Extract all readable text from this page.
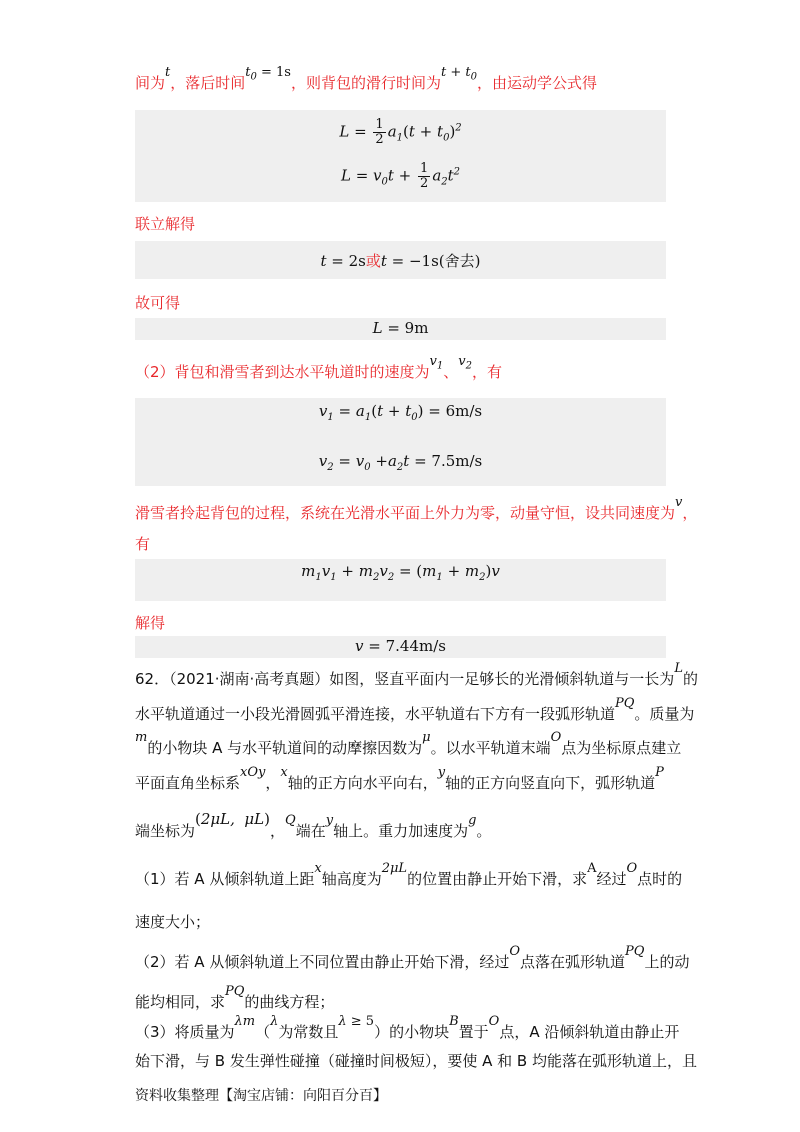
间为t，落后时间$t_0 = 1s$，则背包的滑行时间为$t + t_0$，由运动学公式得
$L = \frac{1}{2} a_1(t + t_0)^2$
$L = v_0t + \frac{1}{2} a_2t^2$
联立解得
t = 2s或t = −1s(舍去)
故可得
L = 9m
（2）背包和滑雪者到达水平轨道时的速度为$v_1$、$v_2$，有
$v_1 = a_1(t + t_0) = 6m/s$
$v_2 = v_0 +a_2t = 7.5m/s$
滑雪者拎起背包的过程，系统在光滑水平面上外力为零，动量守恒，设共同速度为v，
有
$m_1v_1 + m_2v_2 = (m_1 + m_2)v$
解得
v = 7.44m/s
62．（2021·湖南·高考真题）如图，竖直平面内一足够长的光滑倾斜轨道与一长为L的
水平轨道通过一小段光滑圆弧平滑连接，水平轨道右下方有一段弧形轨道PQ。质量为
m的小物块 A 与水平轨道间的动摩擦因数为μ。以水平轨道末端O点为坐标原点建立
平面直角坐标系xOy，x轴的正方向水平向右，y轴的正方向竖直向下，弧形轨道P
端坐标为(2μL,  μL)，Q端在y轴上。重力加速度为g。
（1）若 A 从倾斜轨道上距x轴高度为2μL的位置由静止开始下滑，求A经过O点时的
速度大小；
（2）若 A 从倾斜轨道上不同位置由静止开始下滑，经过O点落在弧形轨道PQ上的动
能均相同，求PQ的曲线方程；
（3）将质量为λm（λ为常数且λ ≥ 5）的小物块B置于O点，A 沿倾斜轨道由静止开
始下滑，与 B 发生弹性碰撞（碰撞时间极短），要使 A 和 B 均能落在弧形轨道上，且
资料收集整理【淘宝店铺：向阳百分百】
